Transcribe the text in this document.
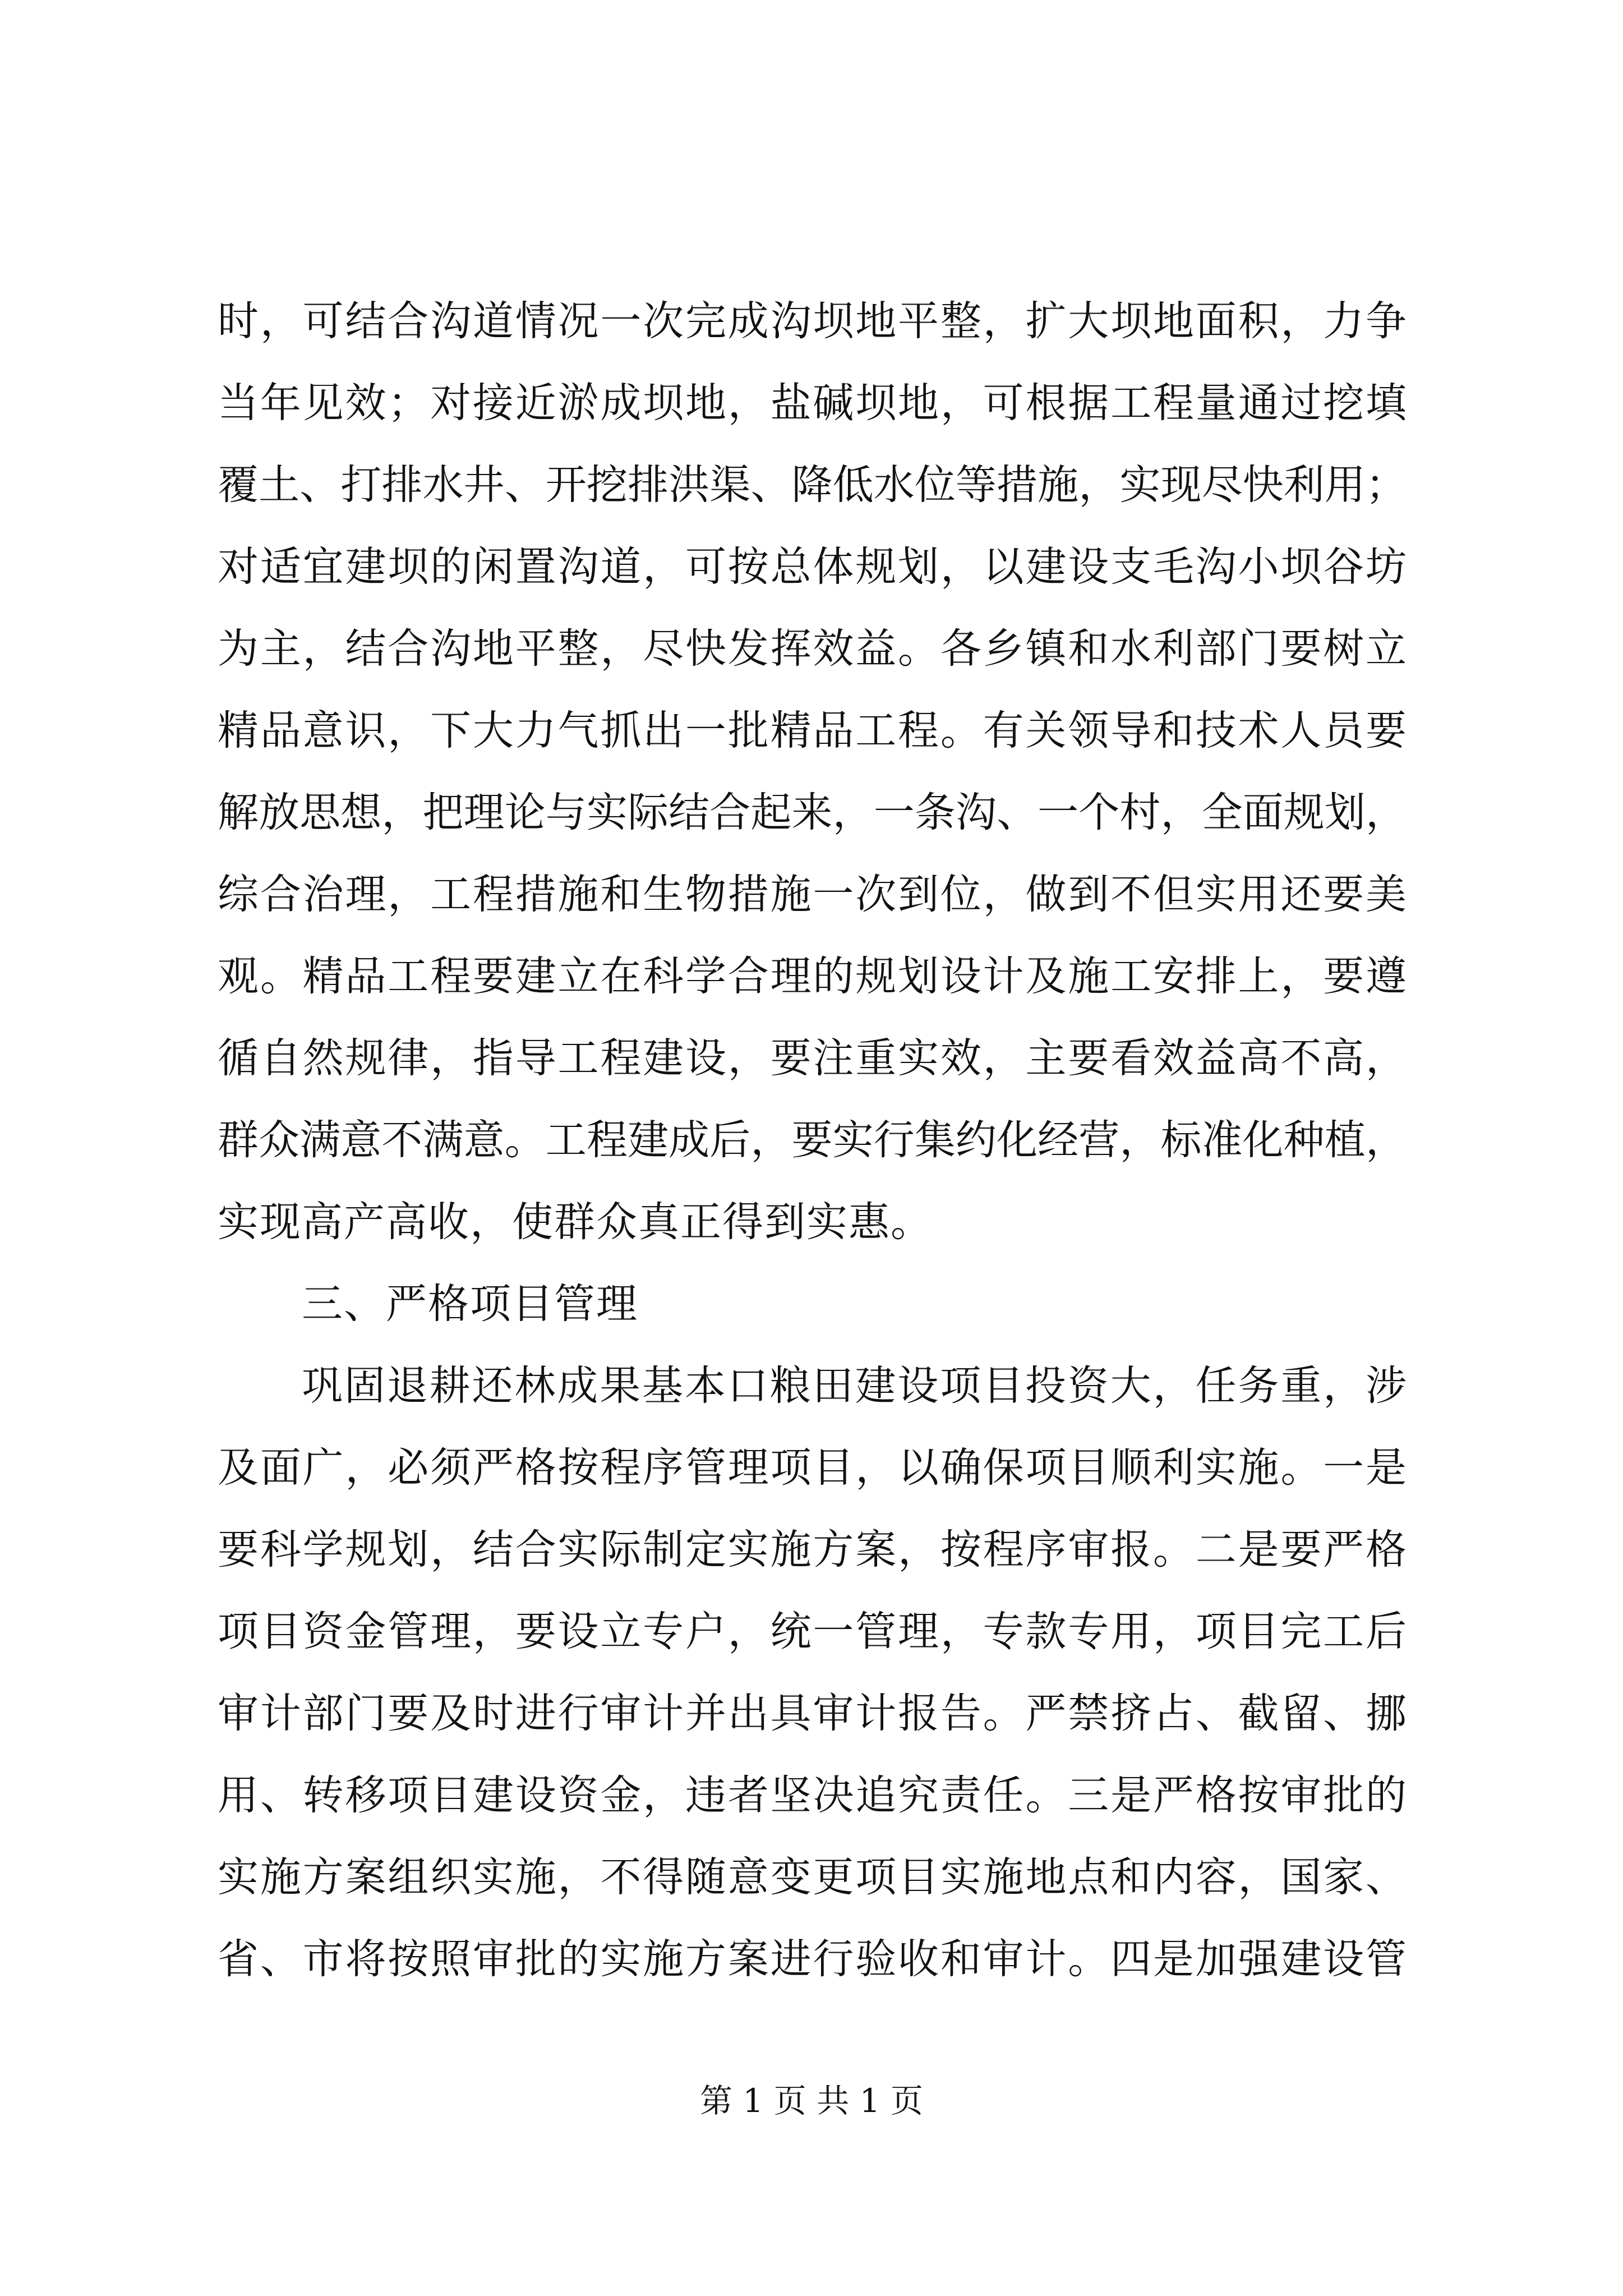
时，可结合沟道情况一次完成沟坝地平整，扩大坝地面积，力争
当年见效；对接近淤成坝地，盐碱坝地，可根据工程量通过挖填
覆土、打排水井、开挖排洪渠、降低水位等措施，实现尽快利用；
对适宜建坝的闲置沟道，可按总体规划，以建设支毛沟小坝谷坊
为主，结合沟地平整，尽快发挥效益。各乡镇和水利部门要树立
精品意识，下大力气抓出一批精品工程。有关领导和技术人员要
解放思想，把理论与实际结合起来，一条沟、一个村，全面规划，
综合治理，工程措施和生物措施一次到位，做到不但实用还要美
观。精品工程要建立在科学合理的规划设计及施工安排上，要遵
循自然规律，指导工程建设，要注重实效，主要看效益高不高，
群众满意不满意。工程建成后，要实行集约化经营，标准化种植，
实现高产高收，使群众真正得到实惠。
三、严格项目管理
巩固退耕还林成果基本口粮田建设项目投资大，任务重，涉
及面广，必须严格按程序管理项目，以确保项目顺利实施。一是
要科学规划，结合实际制定实施方案，按程序审报。二是要严格
项目资金管理，要设立专户，统一管理，专款专用，项目完工后
审计部门要及时进行审计并出具审计报告。严禁挤占、截留、挪
用、转移项目建设资金，违者坚决追究责任。三是严格按审批的
实施方案组织实施，不得随意变更项目实施地点和内容，国家、
省、市将按照审批的实施方案进行验收和审计。四是加强建设管
第 1 页 共 1 页
